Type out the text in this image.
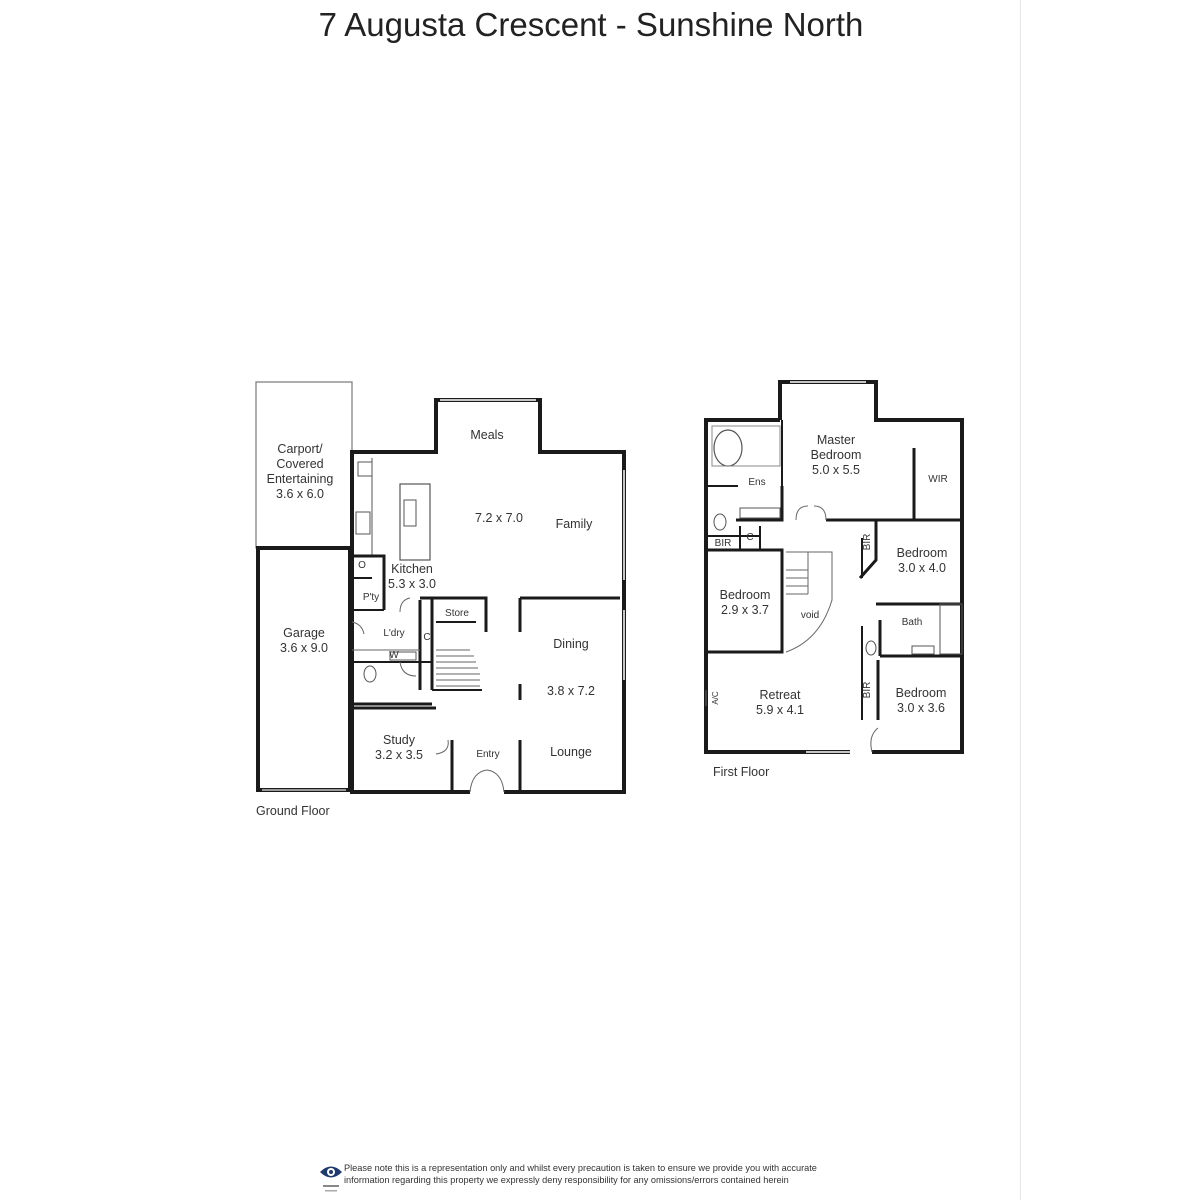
7 Augusta Crescent - Sunshine North
Carport/
Covered
Entertaining
3.6 x 6.0
Garage
3.6 x 9.0
Meals
7.2 x 7.0	Family
Kitchen
5.3 x 3.0
O
P'ty
Store
L'dry C
W
Dining
3.8 x 7.2
Lounge
Study
3.2 x 3.5	Entry
Ground Floor
Master
Bedroom
5.0 x 5.5
Ens	WIR
BIR
C	BIR
Bedroom
3.0 x 4.0
Bedroom
2.9 x 3.7	void
Bath
Retreat
5.9 x 4.1
A/C	BIR Bedroom
3.0 x 3.6
First Floor
Please note this is a representation only and whilst every precaution is taken to ensure we provide you with accurate
information regarding this property we expressly deny responsibility for any omissions/errors contained herein
